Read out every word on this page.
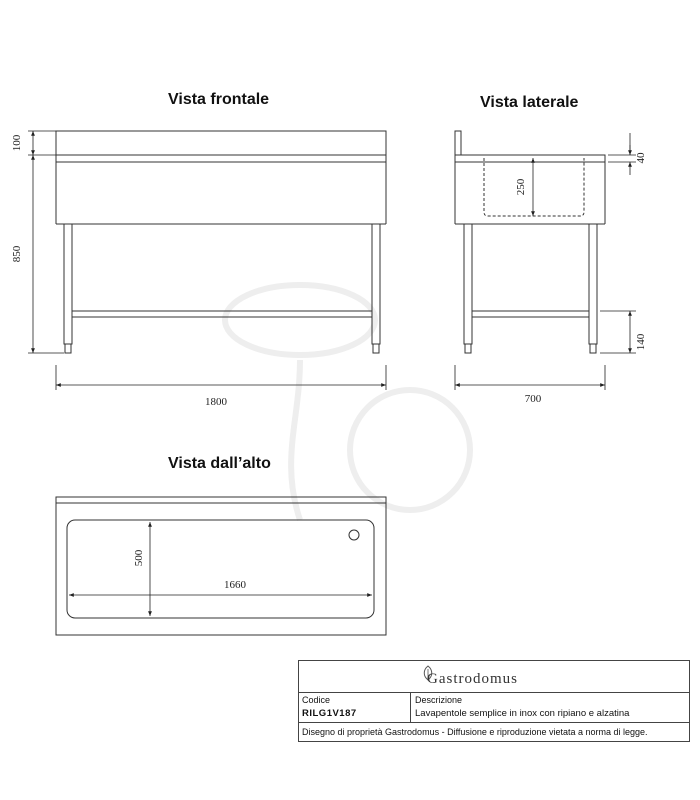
Vista frontale	Vista laterale
Vista dall’alto
100
850
1800
250
40
140
700
500
1660
Gastrodomus
Codice
RILG1V187
Descrizione
Lavapentole semplice in inox con ripiano e alzatina
Disegno di proprietà Gastrodomus - Diffusione e riproduzione vietata a norma di legge.
